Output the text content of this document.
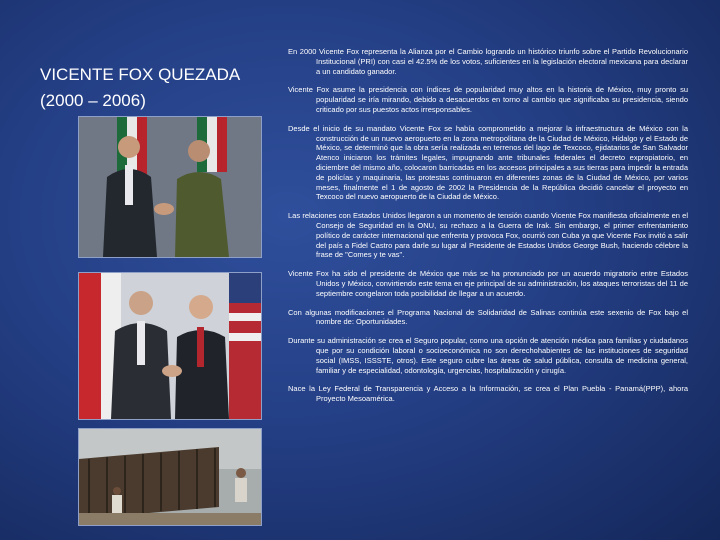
VICENTE FOX QUEZADA
(2000 – 2006)

En 2000 Vicente Fox representa la Alianza por el Cambio logrando un histórico triunfo sobre el Partido Revolucionario Institucional (PRI) con casi el 42.5% de los votos, suficientes en la legislación electoral mexicana para declarar a un candidato ganador.

Vicente Fox asume la presidencia con índices de popularidad muy altos en la historia de México, muy pronto su popularidad se iría mirando, debido a desacuerdos en torno al cambio que significaba su presidencia, siendo criticado por sus puestos actos irresponsables.

Desde el inicio de su mandato Vicente Fox se había comprometido a mejorar la infraestructura de México con la construcción de un nuevo aeropuerto en la zona metropolitana de la Ciudad de México, Hidalgo y el Estado de México, se determinó que la obra sería realizada en terrenos del lago de Texcoco, ejidatarios de San Salvador Atenco iniciaron los trámites legales, impugnando ante tribunales federales el decreto expropiatorio, en diciembre del mismo año, colocaron barricadas en los accesos principales a sus tierras para impedir la entrada de policías y maquinaria, las protestas continuaron en diferentes zonas de la Ciudad de México, por varios meses, finalmente el 1 de agosto de 2002 la Presidencia de la República decidió cancelar el proyecto en Texcoco del nuevo aeropuerto de la Ciudad de México.

Las relaciones con Estados Unidos llegaron a un momento de tensión cuando Vicente Fox manifiesta oficialmente en el Consejo de Seguridad en la ONU, su rechazo a la Guerra de Irak. Sin embargo, el primer enfrentamiento político de carácter internacional que enfrenta y provoca Fox, ocurrió con Cuba ya que Vicente Fox invitó a salir del país a Fidel Castro para darle su lugar al Presidente de Estados Unidos George Bush, haciendo célebre la frase de "Comes y te vas".

Vicente Fox ha sido el presidente de México que más se ha pronunciado por un acuerdo migratorio entre Estados Unidos y México, convirtiendo este tema en eje principal de su administración, los ataques terroristas del 11 de septiembre congelaron toda posibilidad de llegar a un acuerdo.

Con algunas modificaciones el Programa Nacional de Solidaridad de Salinas continúa este sexenio de Fox bajo el nombre de: Oportunidades.

Durante su administración se crea el Seguro popular, como una opción de atención médica para familias y ciudadanos que por su condición laboral o socioeconómica no son derechohabientes de las instituciones de seguridad social (IMSS, ISSSTE, otros). Este seguro cubre las áreas de salud pública, consulta de medicina general, familiar y de especialidad, odontología, urgencias, hospitalización y cirugía.

Nace la Ley Federal de Transparencia y Acceso a la Información, se crea el Plan Puebla - Panamá(PPP), ahora Proyecto Mesoamérica.
